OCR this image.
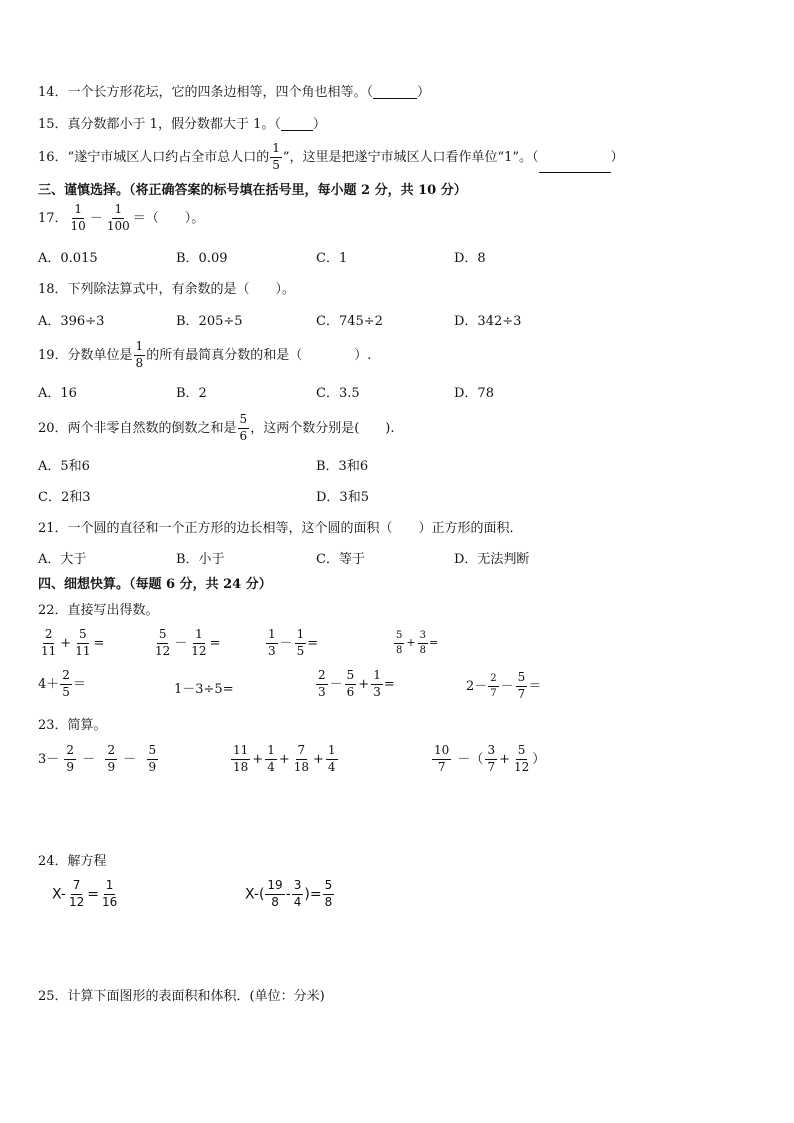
14．一个长方形花坛，它的四条边相等，四个角也相等。（	）
15．真分数都小于 1，假分数都大于 1。（ ）
16．“遂宁市城区人口约占全市总人口的 $\frac{1}{5}$ ”，这里是把遂宁市城区人口看作单位“1”。（	）
三、谨慎选择。（将正确答案的标号填在括号里，每小题 2 分，共 10 分）
17． $\frac{1}{10} - \frac{1}{100}$ ＝（　　）。
A．0.015	B．0.09	C．1	D．8
18．下列除法算式中，有余数的是（　　）。
A．396÷3	B．205÷5	C．745÷2	D．342÷3
19．分数单位是 $\frac{1}{8}$ 的所有最简真分数的和是（　　　　）.
A．16	B．2	C．3.5	D．78
20．两个非零自然数的倒数之和是 $\frac{5}{6}$ ，这两个数分别是(　　).
A．5和6	B．3和6
C．2和3	D．3和5
21．一个圆的直径和一个正方形的边长相等，这个圆的面积（　　）正方形的面积．
A．大于	B．小于	C．等于	D．无法判断
四、细想快算。（每题 6 分，共 24 分）
22．直接写出得数。
$\frac{2}{11} + \frac{5}{11}$ =	$\frac{5}{12} - \frac{1}{12}$ =	$\frac{1}{3} - \frac{1}{5}$ =	$\frac{5}{8} + \frac{3}{8}$ =
$4+ \frac{2}{5}$ ＝	1－3÷5=	$\frac{2}{3} - \frac{5}{6} + \frac{1}{3}$ =	$2- \frac{2}{7} - \frac{5}{7}$ ＝
23．简算。
$3- \frac{2}{9} - \frac{2}{9} - \frac{5}{9}$	$\frac{11}{18} + \frac{1}{4} + \frac{7}{18} + \frac{1}{4}$	$\frac{10}{7}$ －（ $\frac{3}{7} + \frac{5}{12}$ ）
24．解方程
$X- \frac{7}{12} = \frac{1}{16}$	$X-( \frac{19}{8} - \frac{3}{4}$ )= $\frac{5}{8}$
25．计算下面图形的表面积和体积．(单位：分米)
